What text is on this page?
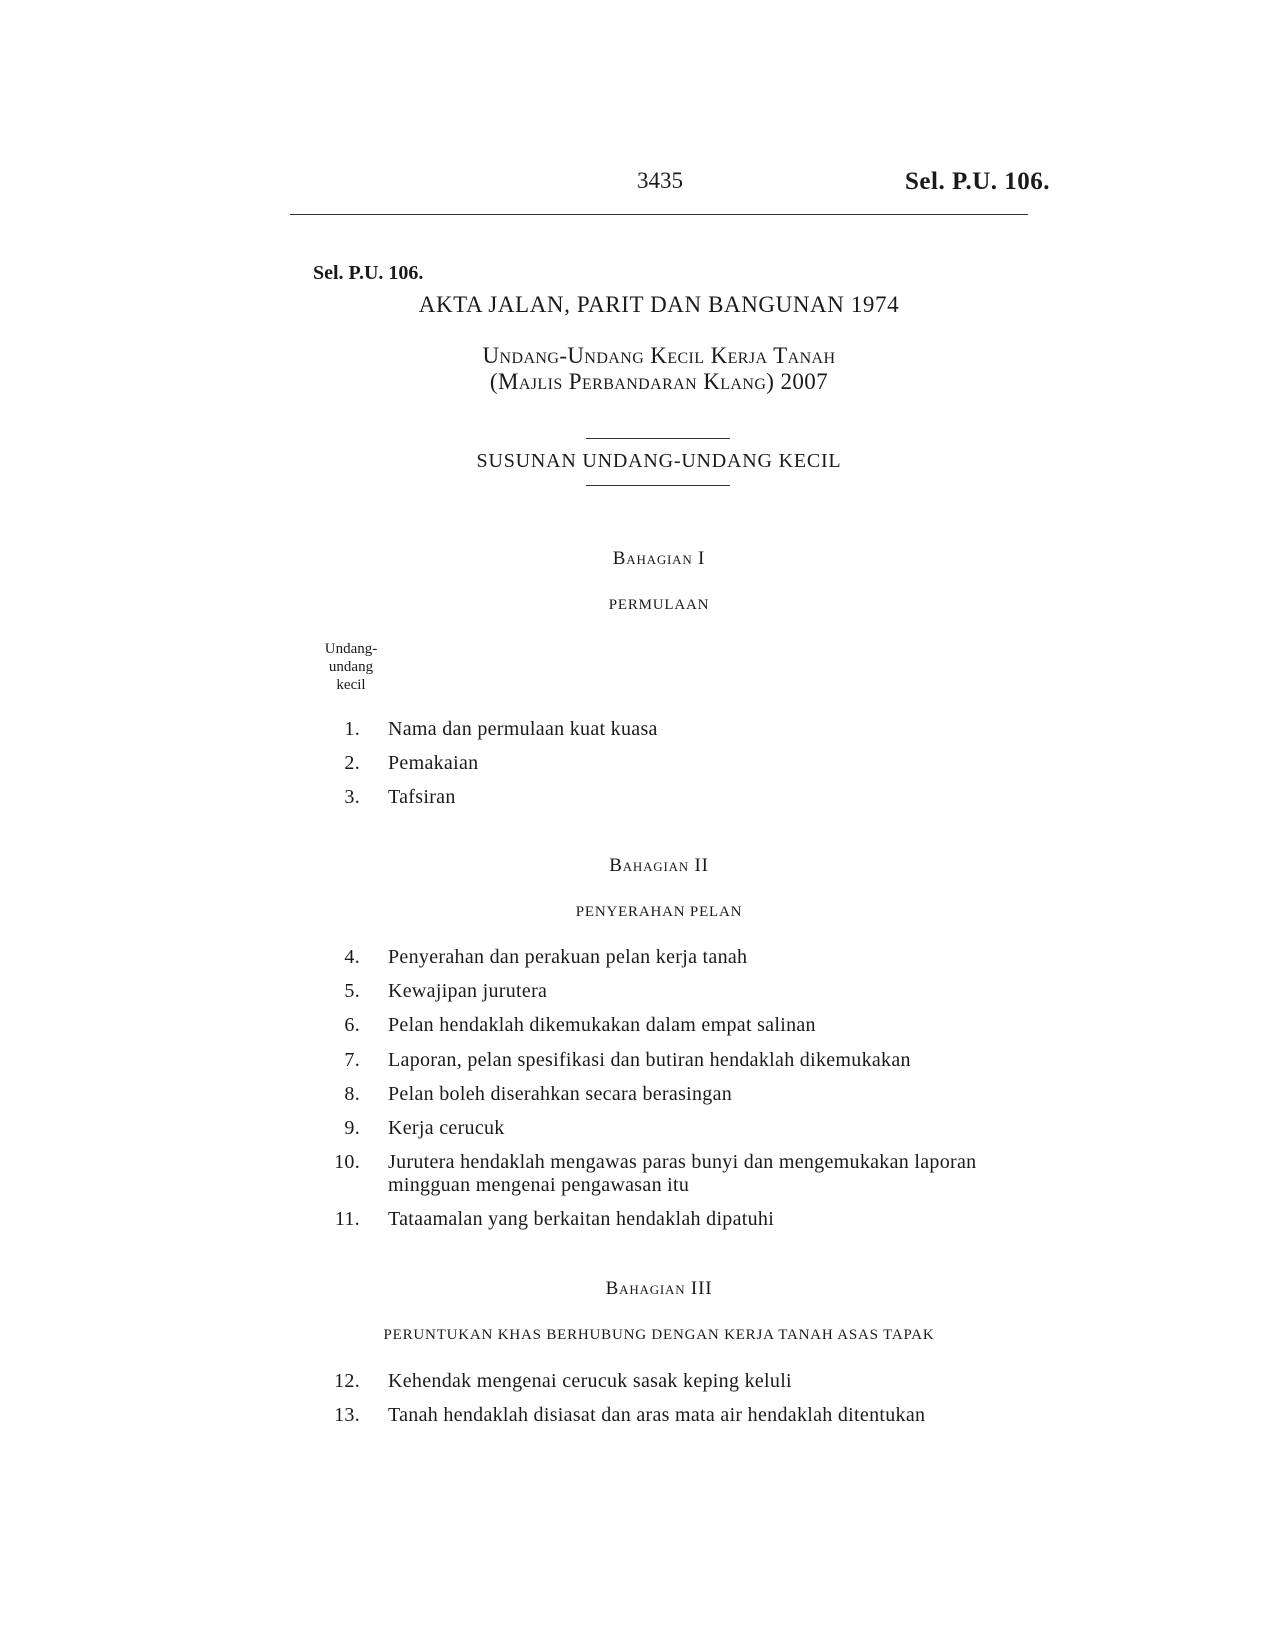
3435	Sel. P.U. 106.
Sel. P.U. 106.
AKTA JALAN, PARIT DAN BANGUNAN 1974
Undang-Undang Kecil Kerja Tanah
(Majlis Perbandaran Klang) 2007
SUSUNAN UNDANG-UNDANG KECIL
Bahagian I
PERMULAAN
Undang-
undang
kecil
1. Nama dan permulaan kuat kuasa
2. Pemakaian
3. Tafsiran
Bahagian II
PENYERAHAN PELAN
4. Penyerahan dan perakuan pelan kerja tanah
5. Kewajipan jurutera
6. Pelan hendaklah dikemukakan dalam empat salinan
7. Laporan, pelan spesifikasi dan butiran hendaklah dikemukakan
8. Pelan boleh diserahkan secara berasingan
9. Kerja cerucuk
10. Jurutera hendaklah mengawas paras bunyi dan mengemukakan laporan mingguan mengenai pengawasan itu
11. Tataamalan yang berkaitan hendaklah dipatuhi
Bahagian III
PERUNTUKAN KHAS BERHUBUNG DENGAN KERJA TANAH ASAS TAPAK
12. Kehendak mengenai cerucuk sasak keping keluli
13. Tanah hendaklah disiasat dan aras mata air hendaklah ditentukan
